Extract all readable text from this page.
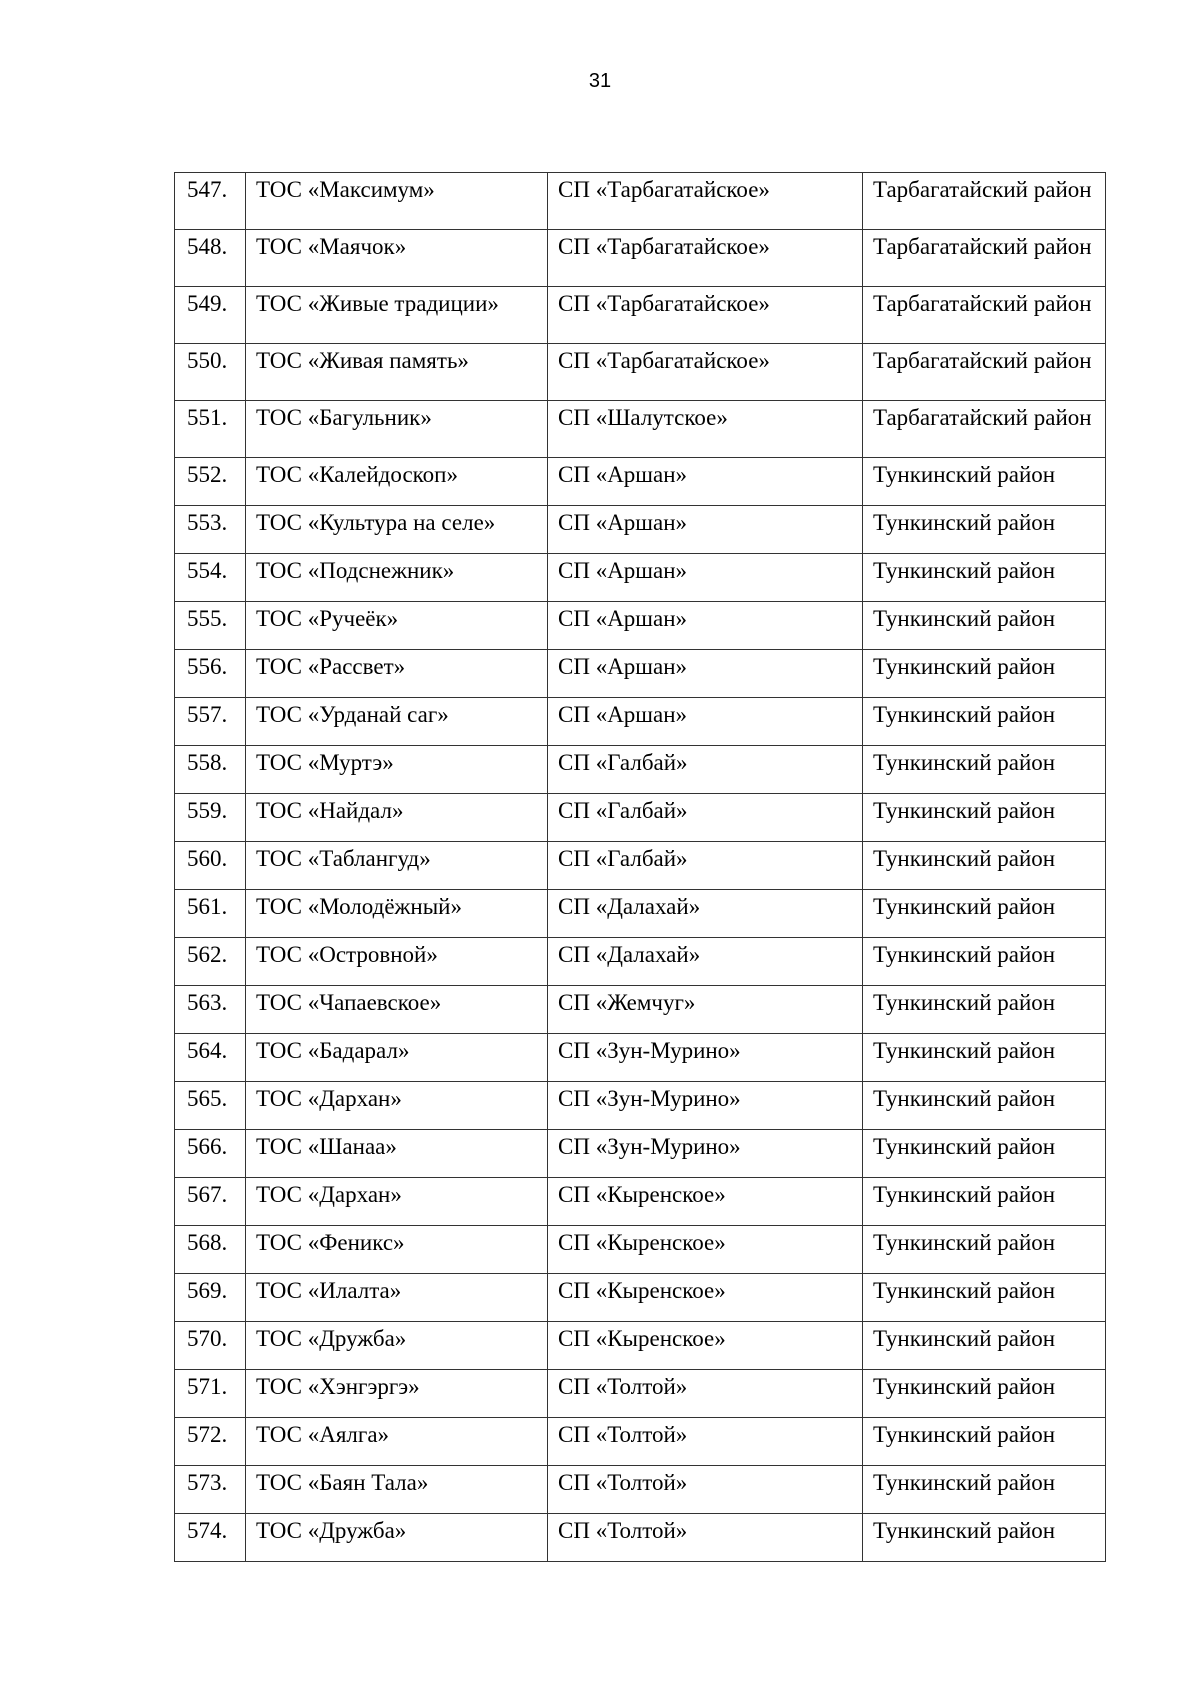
31
547.	ТОС «Максимум»	СП «Тарбагатайское»	Тарбагатайский район
548.	ТОС «Маячок»	СП «Тарбагатайское»	Тарбагатайский район
549.	ТОС «Живые традиции»	СП «Тарбагатайское»	Тарбагатайский район
550.	ТОС «Живая память»	СП «Тарбагатайское»	Тарбагатайский район
551.	ТОС «Багульник»	СП «Шалутское»	Тарбагатайский район
552.	ТОС «Калейдоскоп»	СП «Аршан»	Тункинский район
553.	ТОС «Культура на селе»	СП «Аршан»	Тункинский район
554.	ТОС «Подснежник»	СП «Аршан»	Тункинский район
555.	ТОС «Ручеёк»	СП «Аршан»	Тункинский район
556.	ТОС «Рассвет»	СП «Аршан»	Тункинский район
557.	ТОС «Урданай саг»	СП «Аршан»	Тункинский район
558.	ТОС «Муртэ»	СП «Галбай»	Тункинский район
559.	ТОС «Найдал»	СП «Галбай»	Тункинский район
560.	ТОС «Таблангуд»	СП «Галбай»	Тункинский район
561.	ТОС «Молодёжный»	СП «Далахай»	Тункинский район
562.	ТОС «Островной»	СП «Далахай»	Тункинский район
563.	ТОС «Чапаевское»	СП «Жемчуг»	Тункинский район
564.	ТОС «Бадарал»	СП «Зун-Мурино»	Тункинский район
565.	ТОС «Дархан»	СП «Зун-Мурино»	Тункинский район
566.	ТОС «Шанаа»	СП «Зун-Мурино»	Тункинский район
567.	ТОС «Дархан»	СП «Кыренское»	Тункинский район
568.	ТОС «Феникс»	СП «Кыренское»	Тункинский район
569.	ТОС «Илалта»	СП «Кыренское»	Тункинский район
570.	ТОС «Дружба»	СП «Кыренское»	Тункинский район
571.	ТОС «Хэнгэргэ»	СП «Толтой»	Тункинский район
572.	ТОС «Аялга»	СП «Толтой»	Тункинский район
573.	ТОС «Баян Тала»	СП «Толтой»	Тункинский район
574.	ТОС «Дружба»	СП «Толтой»	Тункинский район
